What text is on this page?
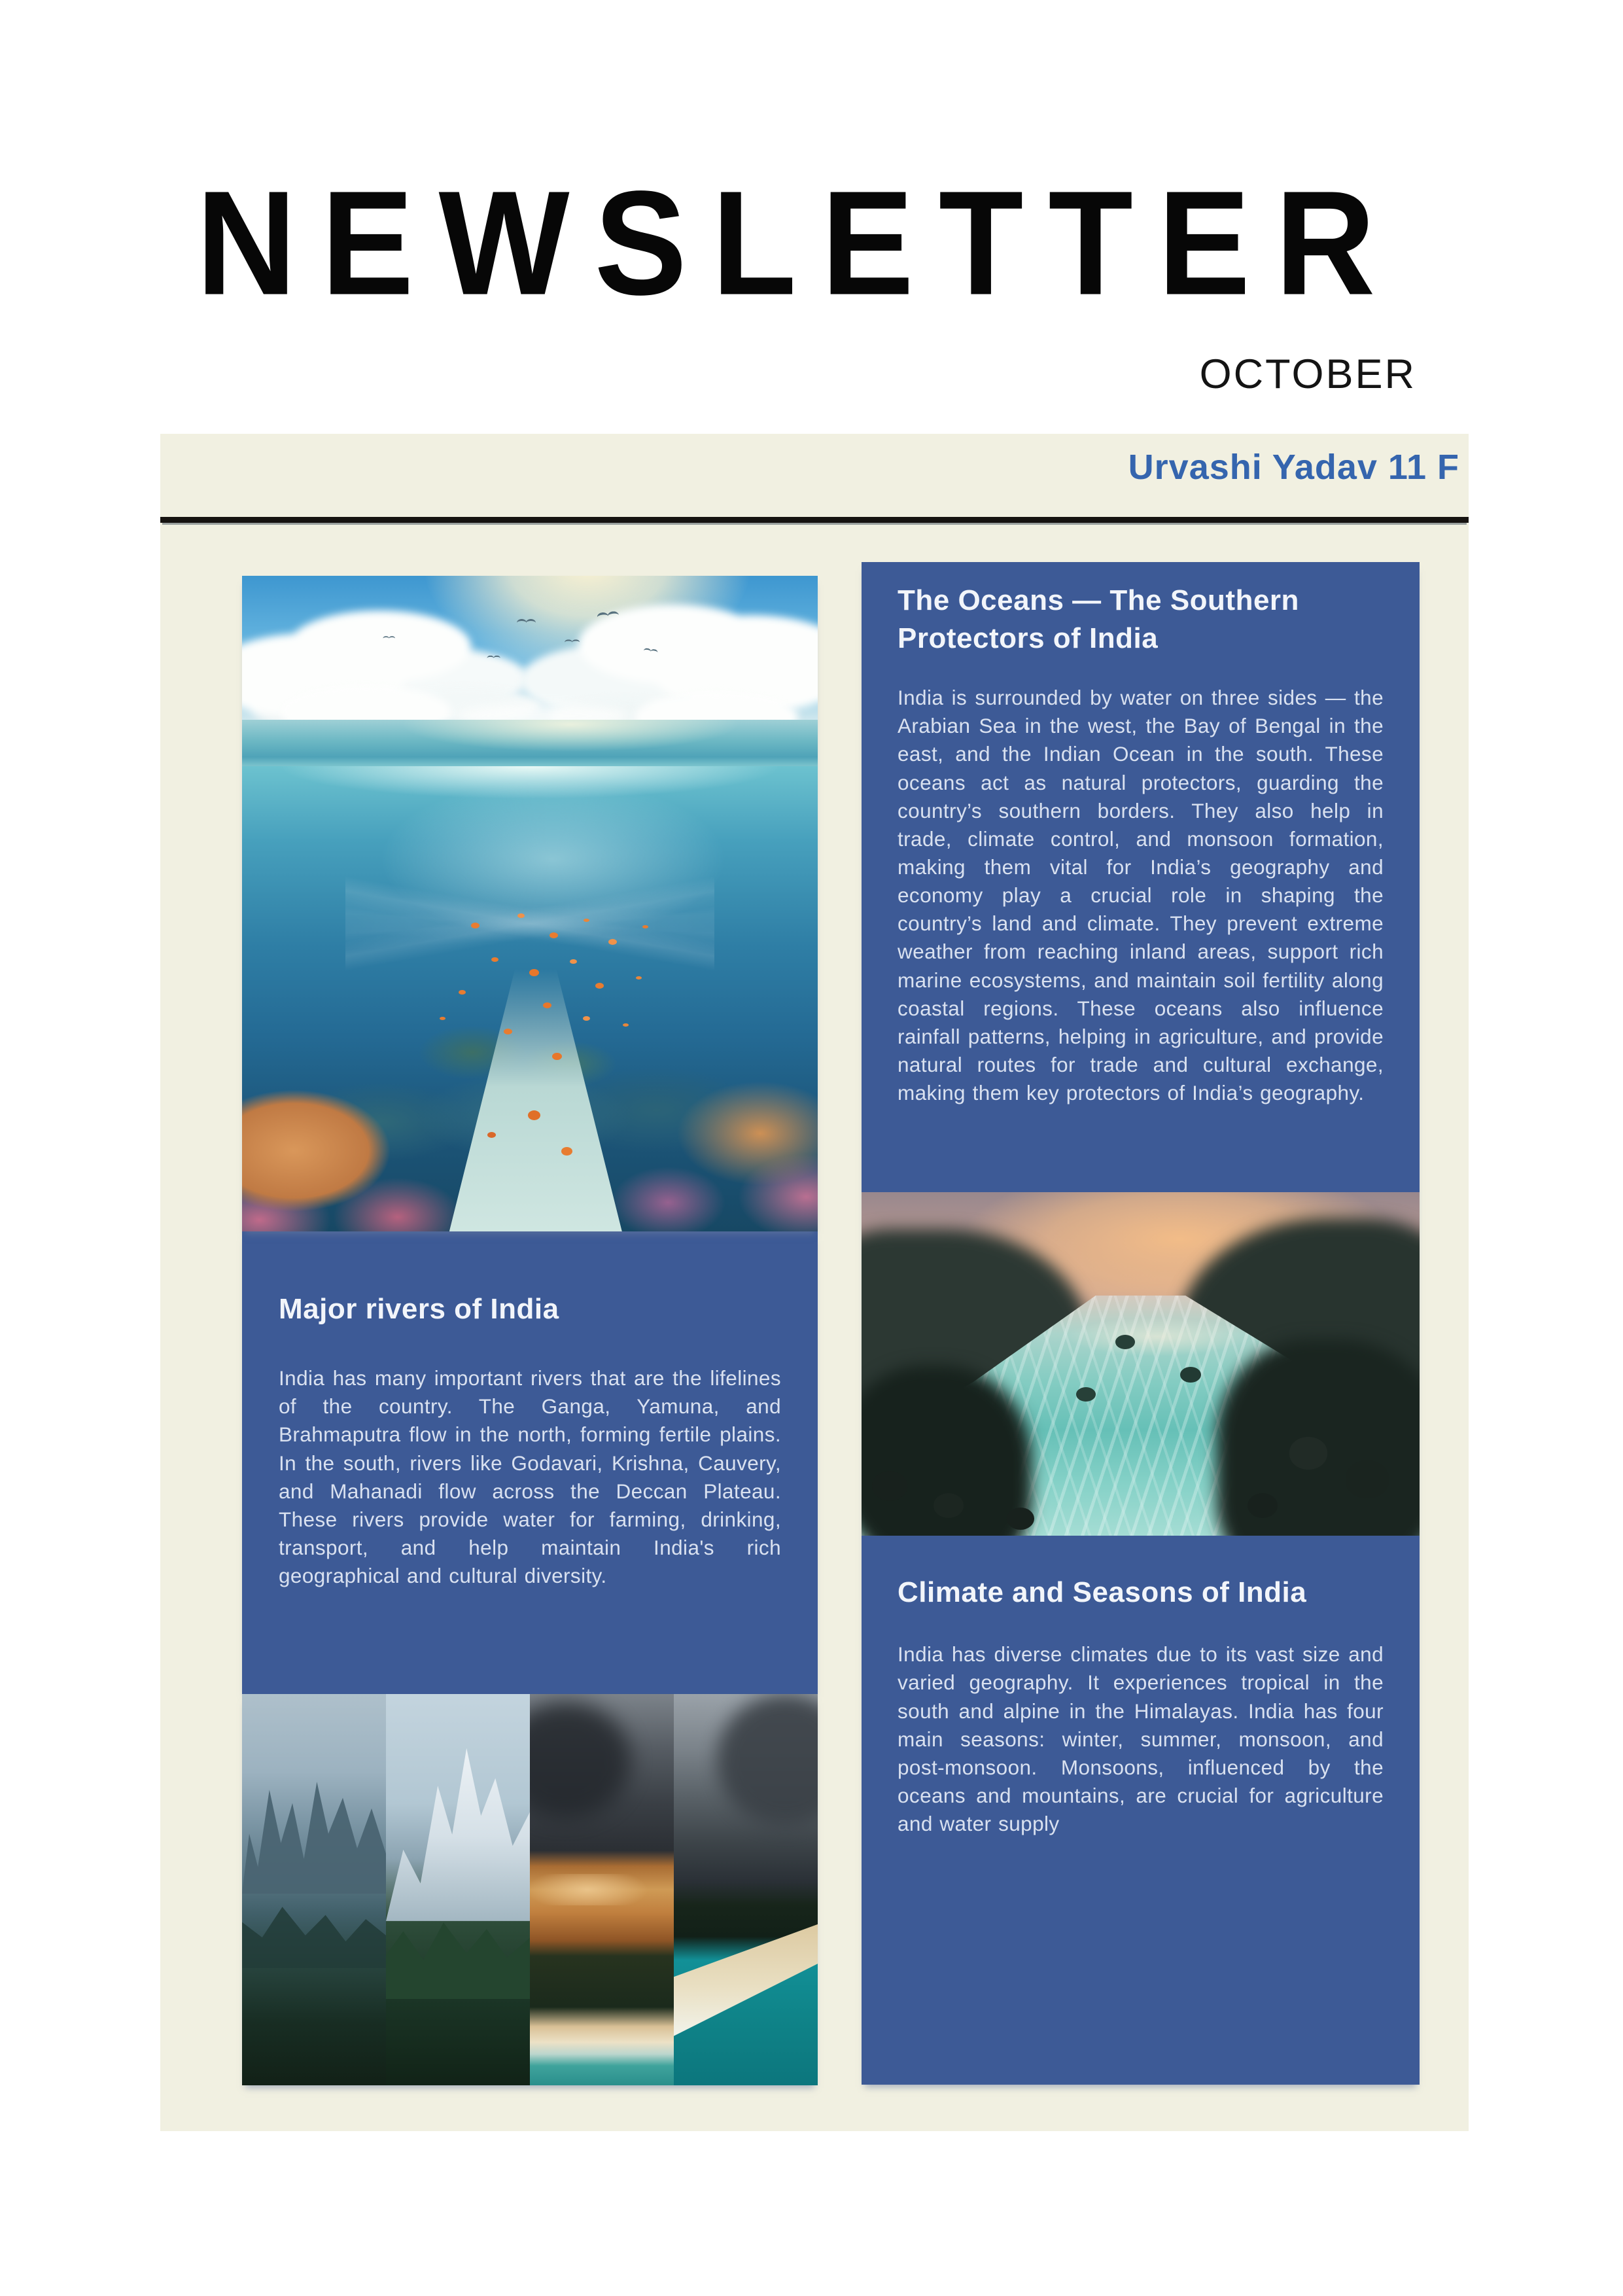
NEWSLETTER
OCTOBER
Urvashi Yadav 11 F
Major rivers of India

India has many important rivers that are the lifelines of the country. The Ganga, Yamuna, and Brahmaputra flow in the north, forming fertile plains. In the south, rivers like Godavari, Krishna, Cauvery, and Mahanadi flow across the Deccan Plateau. These rivers provide water for farming, drinking, transport, and help maintain India's rich geographical and cultural diversity.

The Oceans — The Southern Protectors of India

India is surrounded by water on three sides — the Arabian Sea in the west, the Bay of Bengal in the east, and the Indian Ocean in the south. These oceans act as natural protectors, guarding the country’s southern borders. They also help in trade, climate control, and monsoon formation, making them vital for India’s geography and economy play a crucial role in shaping the country’s land and climate. They prevent extreme weather from reaching inland areas, support rich marine ecosystems, and maintain soil fertility along coastal regions. These oceans also influence rainfall patterns, helping in agriculture, and provide natural routes for trade and cultural exchange, making them key protectors of India’s geography.

Climate and Seasons of India

India has diverse climates due to its vast size and varied geography. It experiences tropical in the south and alpine in the Himalayas. India has four main seasons: winter, summer, monsoon, and post-monsoon. Monsoons, influenced by the oceans and mountains, are crucial for agriculture and water supply
